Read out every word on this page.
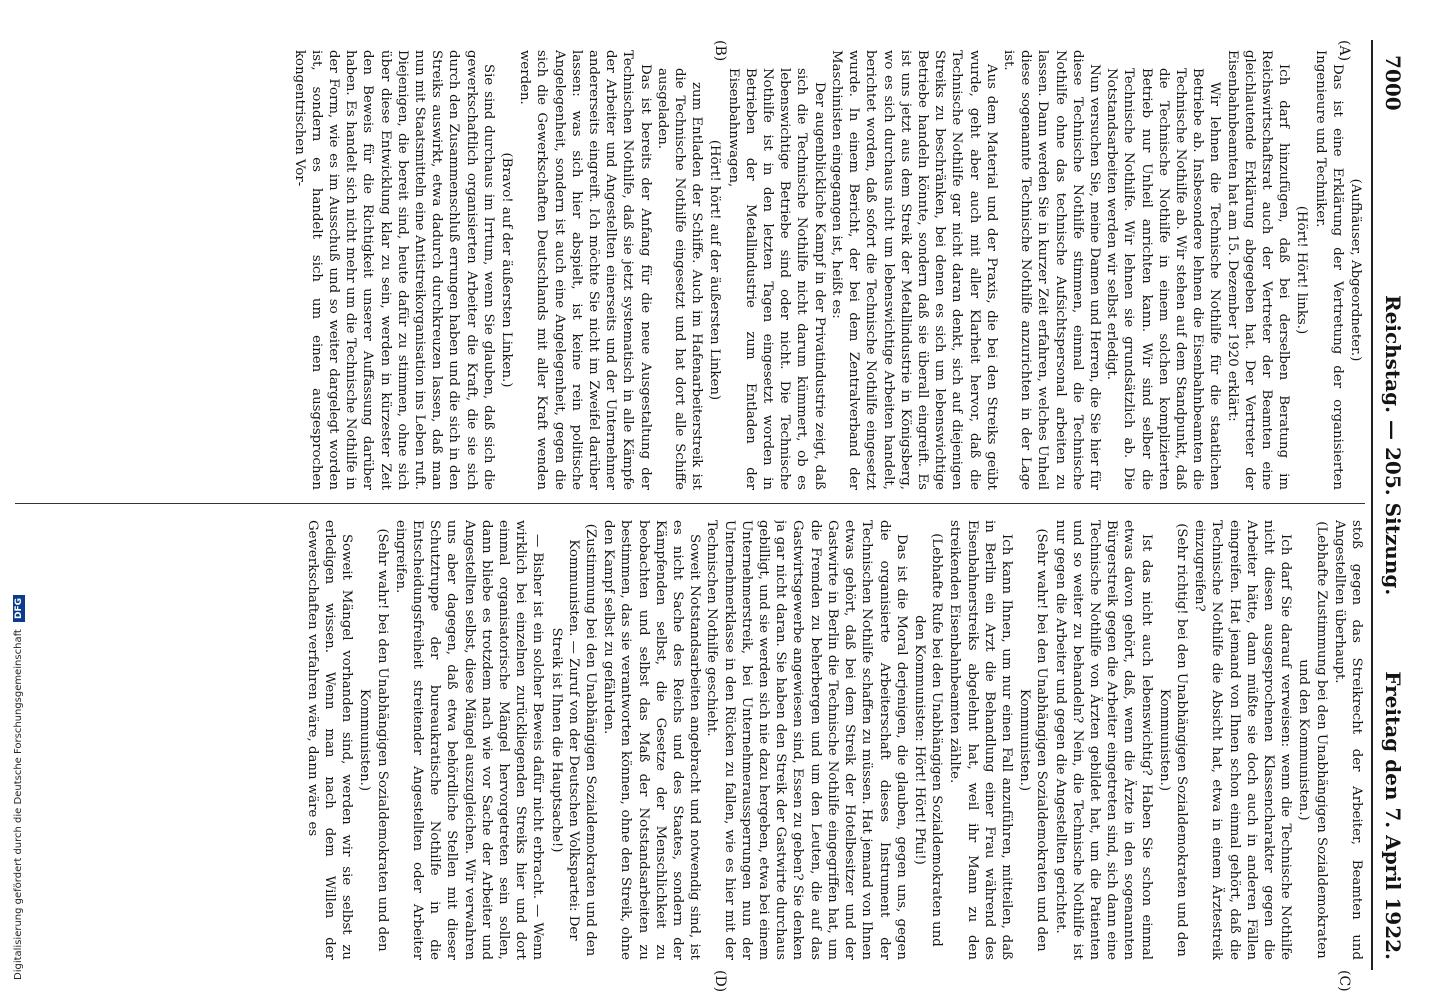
7000
Reichstag. — 205. Sitzung.
Freitag den 7. April 1922.
(A)
(B)
(C)
(D)

(Aufhäuser, Abgeordneter.)

Das ist eine Erklärung der Vertretung der organisierten Ingenieure und Techniker.

(Hört! Hört! links.)

Ich darf hinzufügen, daß bei derselben Beratung im Reichswirtschaftsrat auch der Vertreter der Beamten eine gleichlautende Erklärung abgegeben hat. Der Vertreter der Eisenbahnbeamten hat am 15. Dezember 1920 erklärt:

Wir lehnen die Technische Nothilfe für die staatlichen Betriebe ab. Insbesondere lehnen die Eisenbahnbeamten die Technische Nothilfe ab. Wir stehen auf dem Standpunkt, daß die Technische Nothilfe in einem solchen komplizierten Betrieb nur Unheil anrichten kann. Wir sind selber die Technische Nothilfe. Wir lehnen sie grundsätzlich ab. Die Notstandsarbeiten werden wir selbst erledigt.

Nun versuchen Sie, meine Damen und Herren, die Sie hier für diese Technische Nothilfe stimmen, einmal die Technische Nothilfe ohne das technische Aufsichtspersonal arbeiten zu lassen. Dann werden Sie in kurzer Zeit erfahren, welches Unheil diese sogenannte Technische Nothilfe anzurichten in der Lage ist.

Aus dem Material und der Praxis, die bei den Streiks geübt wurde, geht aber auch mit aller Klarheit hervor, daß die Technische Nothilfe gar nicht daran denkt, sich auf diejenigen Streiks zu beschränken, bei denen es sich um lebenswichtige Betriebe handeln könnte, sondern daß sie überall eingreift. Es ist uns jetzt aus dem Streik der Metallindustrie in Königsberg, wo es sich durchaus nicht um lebenswichtige Arbeiten handelt, berichtet worden, daß sofort die Technische Nothilfe eingesetzt wurde. In einem Bericht, der bei dem Zentralverband der Maschinisten eingegangen ist, heißt es:

Der augenblickliche Kampf in der Privatindustrie zeigt, daß sich die Technische Nothilfe nicht darum kümmert, ob es lebenswichtige Betriebe sind oder nicht. Die Technische Nothilfe ist in den letzten Tagen eingesetzt worden in Betrieben der Metallindustrie zum Entladen der Eisenbahnwagen,

(Hört! hört! auf der äußersten Linken)

zum Entladen der Schiffe. Auch im Hafenarbeiterstreik ist die Technische Nothilfe eingesetzt und hat dort alle Schiffe ausgeladen.

Das ist bereits der Anfang für die neue Ausgestaltung der Technischen Nothilfe, daß sie jetzt systematisch in alle Kämpfe der Arbeiter und Angestellten einerseits und der Unternehmer andererseits eingreift. Ich möchte Sie nicht im Zweifel darüber lassen: was sich hier abspielt, ist keine rein politische Angelegenheit, sondern ist auch eine Angelegenheit, gegen die sich die Gewerkschaften Deutschlands mit aller Kraft wenden werden.

(Bravo! auf der äußersten Linken.)

Sie sind durchaus im Irrtum, wenn Sie glauben, daß sich die gewerkschaftlich organisierten Arbeiter die Kraft, die sie sich durch den Zusammenschluß errungen haben und die sich in den Streiks auswirkt, etwa dadurch durchkreuzen lassen, daß man nun mit Staatsmitteln eine Antistreikorganisation ins Leben ruft. Diejenigen, die bereit sind, heute dafür zu stimmen, ohne sich über diese Entwicklung klar zu sein, werden in kürzester Zeit den Beweis für die Richtigkeit unserer Auffassung darüber haben. Es handelt sich nicht mehr um die Technische Nothilfe in der Form, wie es im Ausschuß und so weiter dargelegt worden ist, sondern es handelt sich um einen ausgesprochen kongentrischen Vor-

stoß gegen das Streikrecht der Arbeiter, Beamten und Angestellten überhaupt.

(Lebhafte Zustimmung bei den Unabhängigen Sozialdemokraten und den Kommunisten.)

Ich darf Sie darauf verweisen: wenn die Technische Nothilfe nicht diesen ausgesprochenen Klassencharakter gegen die Arbeiter hätte, dann müßte sie doch auch in anderen Fällen eingreifen. Hat jemand von Ihnen schon einmal gehört, daß die Technische Nothilfe die Absicht hat, etwa in einem Ärztestreik einzugreifen?

(Sehr richtig! bei den Unabhängigen Sozialdemokraten und den Kommunisten.)

Ist das nicht auch lebenswichtig? Haben Sie schon einmal etwas davon gehört, daß, wenn die Ärzte in den sogenannten Bürgerstreik gegen die Arbeiter eingetreten sind, sich dann eine Technische Nothilfe von Ärzten gebildet hat, um die Patienten und so weiter zu behandeln? Nein, die Technische Nothilfe ist nur gegen die Arbeiter und gegen die Angestellten gerichtet.

(Sehr wahr! bei den Unabhängigen Sozialdemokraten und den Kommunisten.)

Ich kann Ihnen, um nur einen Fall anzuführen, mitteilen, daß in Berlin ein Arzt die Behandlung einer Frau während des Eisenbahnerstreiks abgelehnt hat, weil ihr Mann zu den streikenden Eisenbahnbeamten zählte.

(Lebhafte Rufe bei den Unabhängigen Sozialdemokraten und den Kommunisten: Hört! Hört! Pfui!)

Das ist die Moral derjenigen, die glauben, gegen uns, gegen die organisierte Arbeiterschaft dieses Instrument der Technischen Nothilfe schaffen zu müssen. Hat jemand von Ihnen etwas gehört, daß bei dem Streik der Hotelbesitzer und der Gastwirte in Berlin die Technische Nothilfe eingegriffen hat, um die Fremden zu beherbergen und um den Leuten, die auf das Gastwirtsgewerbe angewiesen sind, Essen zu geben? Sie denken ja gar nicht daran. Sie haben den Streik der Gastwirte durchaus gebilligt, und sie werden sich nie dazu hergeben, etwa bei einem Unternehmerstreik, bei Unternehmeraussperrungen nun der Unternehmerklasse in den Rücken zu fallen, wie es hier mit der Technischen Nothilfe geschieht.

Soweit Notstandsarbeiten angebracht und notwendig sind, ist es nicht Sache des Reichs und des Staates, sondern der Kämpfenden selbst, die Gesetze der Menschlichkeit zu beobachten und selbst das Maß der Notstandsarbeiten zu bestimmen, das sie verantworten können, ohne den Streik, ohne den Kampf selbst zu gefährden.

(Zustimmung bei den Unabhängigen Sozialdemokraten und den Kommunisten. — Zuruf von der Deutschen Volkspartei: Der Streik ist Ihnen die Hauptsache!)

— Bisher ist ein solcher Beweis dafür nicht erbracht. — Wenn wirklich bei einzelnen zurückliegenden Streiks hier und dort einmal organisatorische Mängel hervorgetreten sein sollen, dann bliebe es trotzdem nach wie vor Sache der Arbeiter und Angestellten selbst, diese Mängel auszugleichen. Wir verwahren uns aber dagegen, daß etwa behördliche Stellen mit dieser Schutztruppe der bureaukratische Nothilfe in die Entscheidungsfreiheit streitender Angestellten oder Arbeiter eingreifen.

(Sehr wahr! bei den Unabhängigen Sozialdemokraten und den Kommunisten.)

Soweit Mängel vorhanden sind, werden wir sie selbst zu erledigen wissen. Wenn man nach dem Willen der Gewerkschaften verfahren wäre, dann wäre es

Digitalisierung gefördert durch die Deutsche Forschungsgemeinschaft DFG
